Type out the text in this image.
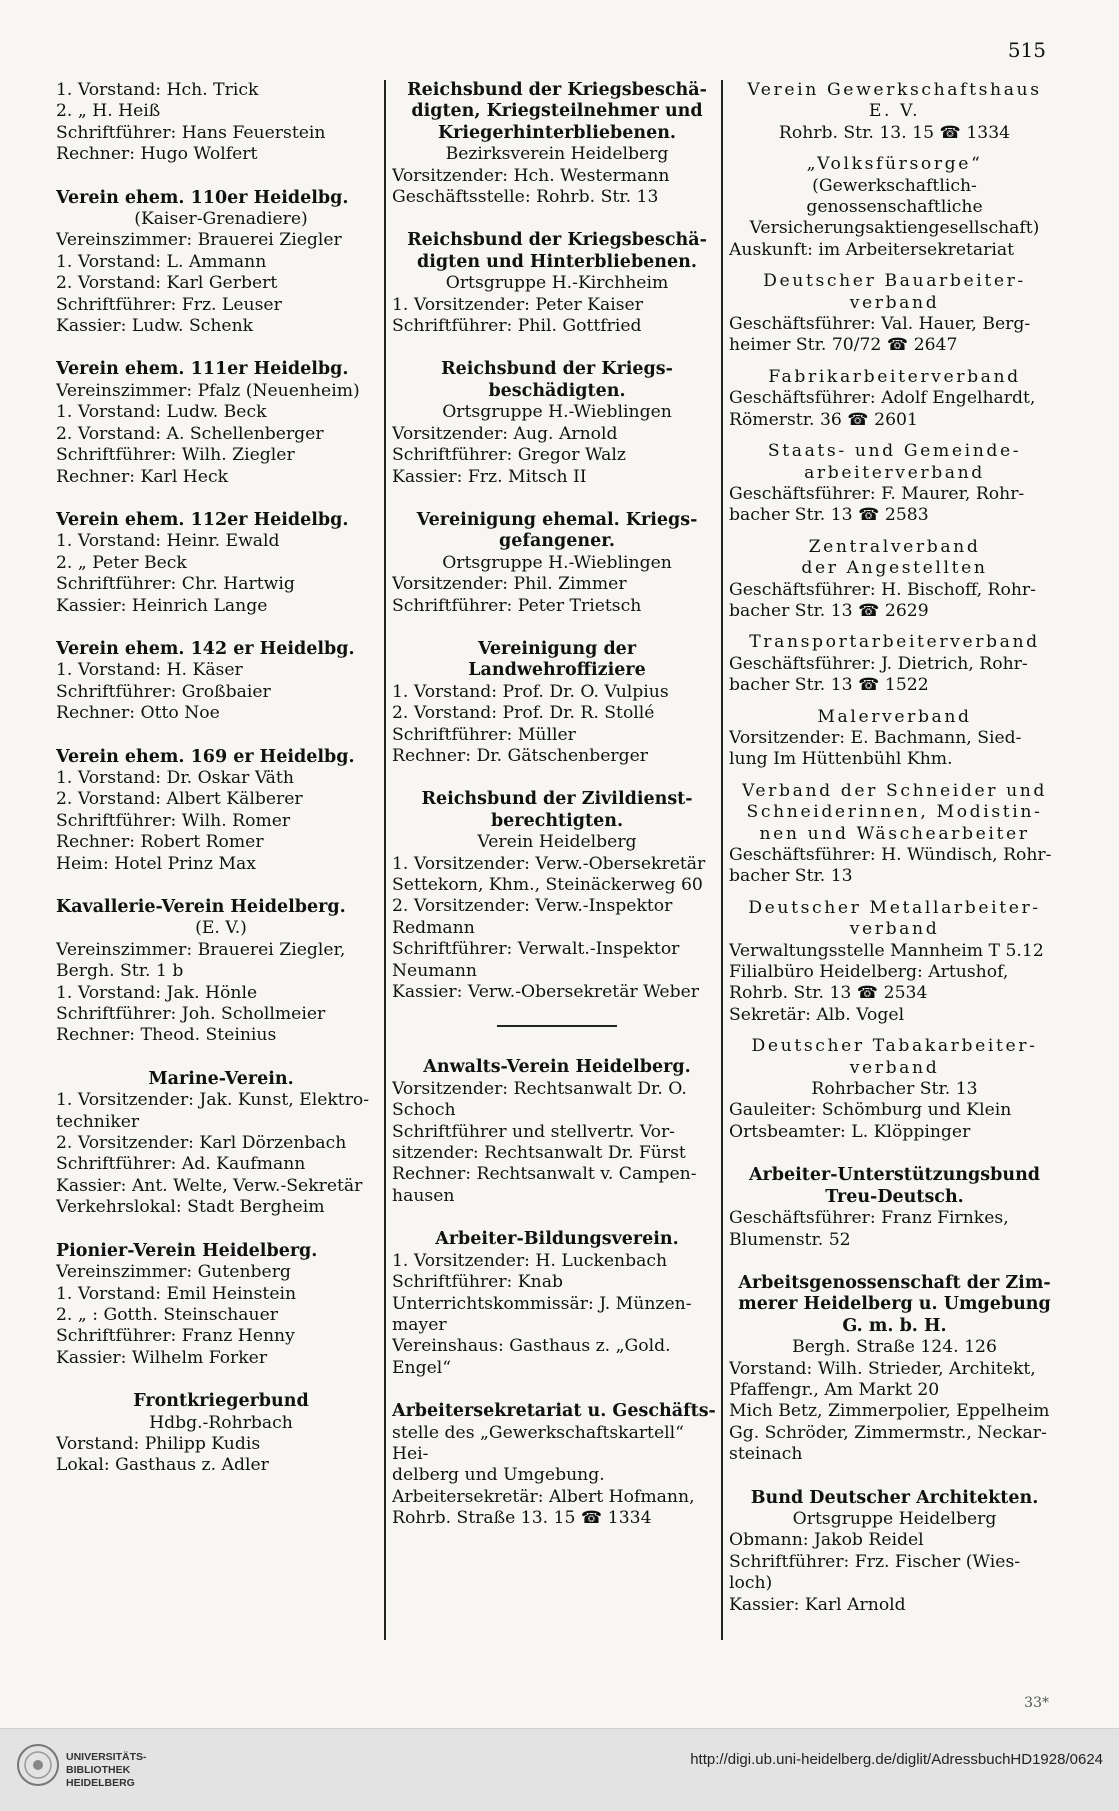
515
1. Vorstand: Hch. Trick
2. „ H. Heiß
Schriftführer: Hans Feuerstein
Rechner: Hugo Wolfert
Verein ehem. 110er Heidelbg.
(Kaiser-Grenadiere)
Vereinszimmer: Brauerei Ziegler
1. Vorstand: L. Ammann
2. Vorstand: Karl Gerbert
Schriftführer: Frz. Leuser
Kassier: Ludw. Schenk
Verein ehem. 111er Heidelbg.
Vereinszimmer: Pfalz (Neuenheim)
1. Vorstand: Ludw. Beck
2. Vorstand: A. Schellenberger
Schriftführer: Wilh. Ziegler
Rechner: Karl Heck
Verein ehem. 112er Heidelbg.
1. Vorstand: Heinr. Ewald
2. „ Peter Beck
Schriftführer: Chr. Hartwig
Kassier: Heinrich Lange
Verein ehem. 142 er Heidelbg.
1. Vorstand: H. Käser
Schriftführer: Großbaier
Rechner: Otto Noe
Verein ehem. 169 er Heidelbg.
1. Vorstand: Dr. Oskar Väth
2. Vorstand: Albert Kälberer
Schriftführer: Wilh. Romer
Rechner: Robert Romer
Heim: Hotel Prinz Max
Kavallerie-Verein Heidelberg.
(E. V.)
Vereinszimmer: Brauerei Ziegler,
Bergh. Str. 1 b
1. Vorstand: Jak. Hönle
Schriftführer: Joh. Schollmeier
Rechner: Theod. Steinius
Marine-Verein.
1. Vorsitzender: Jak. Kunst, Elektro-
techniker
2. Vorsitzender: Karl Dörzenbach
Schriftführer: Ad. Kaufmann
Kassier: Ant. Welte, Verw.-Sekretär
Verkehrslokal: Stadt Bergheim
Pionier-Verein Heidelberg.
Vereinszimmer: Gutenberg
1. Vorstand: Emil Heinstein
2. „ : Gotth. Steinschauer
Schriftführer: Franz Henny
Kassier: Wilhelm Forker
Frontkriegerbund
Hdbg.-Rohrbach
Vorstand: Philipp Kudis
Lokal: Gasthaus z. Adler
Reichsbund der Kriegsbeschä-
digten, Kriegsteilnehmer und
Kriegerhinterbliebenen.
Bezirksverein Heidelberg
Vorsitzender: Hch. Westermann
Geschäftsstelle: Rohrb. Str. 13
Reichsbund der Kriegsbeschä-
digten und Hinterbliebenen.
Ortsgruppe H.-Kirchheim
1. Vorsitzender: Peter Kaiser
Schriftführer: Phil. Gottfried
Reichsbund der Kriegs-
beschädigten.
Ortsgruppe H.-Wieblingen
Vorsitzender: Aug. Arnold
Schriftführer: Gregor Walz
Kassier: Frz. Mitsch II
Vereinigung ehemal. Kriegs-
gefangener.
Ortsgruppe H.-Wieblingen
Vorsitzender: Phil. Zimmer
Schriftführer: Peter Trietsch
Vereinigung der
Landwehroffiziere
1. Vorstand: Prof. Dr. O. Vulpius
2. Vorstand: Prof. Dr. R. Stollé
Schriftführer: Müller
Rechner: Dr. Gätschenberger
Reichsbund der Zivildienst-
berechtigten.
Verein Heidelberg
1. Vorsitzender: Verw.-Obersekretär
Settekorn, Khm., Steinäckerweg 60
2. Vorsitzender: Verw.-Inspektor
Redmann
Schriftführer: Verwalt.-Inspektor
Neumann
Kassier: Verw.-Obersekretär Weber
Anwalts-Verein Heidelberg.
Vorsitzender: Rechtsanwalt Dr. O.
Schoch
Schriftführer und stellvertr. Vor-
sitzender: Rechtsanwalt Dr. Fürst
Rechner: Rechtsanwalt v. Campen-
hausen
Arbeiter-Bildungsverein.
1. Vorsitzender: H. Luckenbach
Schriftführer: Knab
Unterrichtskommissär: J. Münzen-
mayer
Vereinshaus: Gasthaus z. „Gold.
Engel“
Arbeitersekretariat u. Geschäfts-
stelle des „Gewerkschaftskartell“ Hei-
delberg und Umgebung.
Arbeitersekretär: Albert Hofmann,
Rohrb. Straße 13. 15 ☎ 1334
Verein Gewerkschaftshaus
E. V.
Rohrb. Str. 13. 15 ☎ 1334
„Volksfürsorge“
(Gewerkschaftlich-genossenschaftliche
Versicherungsaktiengesellschaft)
Auskunft: im Arbeitersekretariat
Deutscher Bauarbeiter-
verband
Geschäftsführer: Val. Hauer, Berg-
heimer Str. 70/72 ☎ 2647
Fabrikarbeiterverband
Geschäftsführer: Adolf Engelhardt,
Römerstr. 36 ☎ 2601
Staats- und Gemeinde-
arbeiterverband
Geschäftsführer: F. Maurer, Rohr-
bacher Str. 13 ☎ 2583
Zentralverband
der Angestellten
Geschäftsführer: H. Bischoff, Rohr-
bacher Str. 13 ☎ 2629
Transportarbeiterverband
Geschäftsführer: J. Dietrich, Rohr-
bacher Str. 13 ☎ 1522
Malerverband
Vorsitzender: E. Bachmann, Sied-
lung Im Hüttenbühl Khm.
Verband der Schneider und
Schneiderinnen, Modistin-
nen und Wäschearbeiter
Geschäftsführer: H. Wündisch, Rohr-
bacher Str. 13
Deutscher Metallarbeiter-
verband
Verwaltungsstelle Mannheim T 5.12
Filialbüro Heidelberg: Artushof,
Rohrb. Str. 13 ☎ 2534
Sekretär: Alb. Vogel
Deutscher Tabakarbeiter-
verband
Rohrbacher Str. 13
Gauleiter: Schömburg und Klein
Ortsbeamter: L. Klöppinger
Arbeiter-Unterstützungsbund
Treu-Deutsch.
Geschäftsführer: Franz Firnkes,
Blumenstr. 52
Arbeitsgenossenschaft der Zim-
merer Heidelberg u. Umgebung
G. m. b. H.
Bergh. Straße 124. 126
Vorstand: Wilh. Strieder, Architekt,
Pfaffengr., Am Markt 20
Mich Betz, Zimmerpolier, Eppelheim
Gg. Schröder, Zimmermstr., Neckar-
steinach
Bund Deutscher Architekten.
Ortsgruppe Heidelberg
Obmann: Jakob Reidel
Schriftführer: Frz. Fischer (Wies-
loch)
Kassier: Karl Arnold
33*
UNIVERSITÄTS-
BIBLIOTHEK
HEIDELBERG
http://digi.ub.uni-heidelberg.de/diglit/AdressbuchHD1928/0624
